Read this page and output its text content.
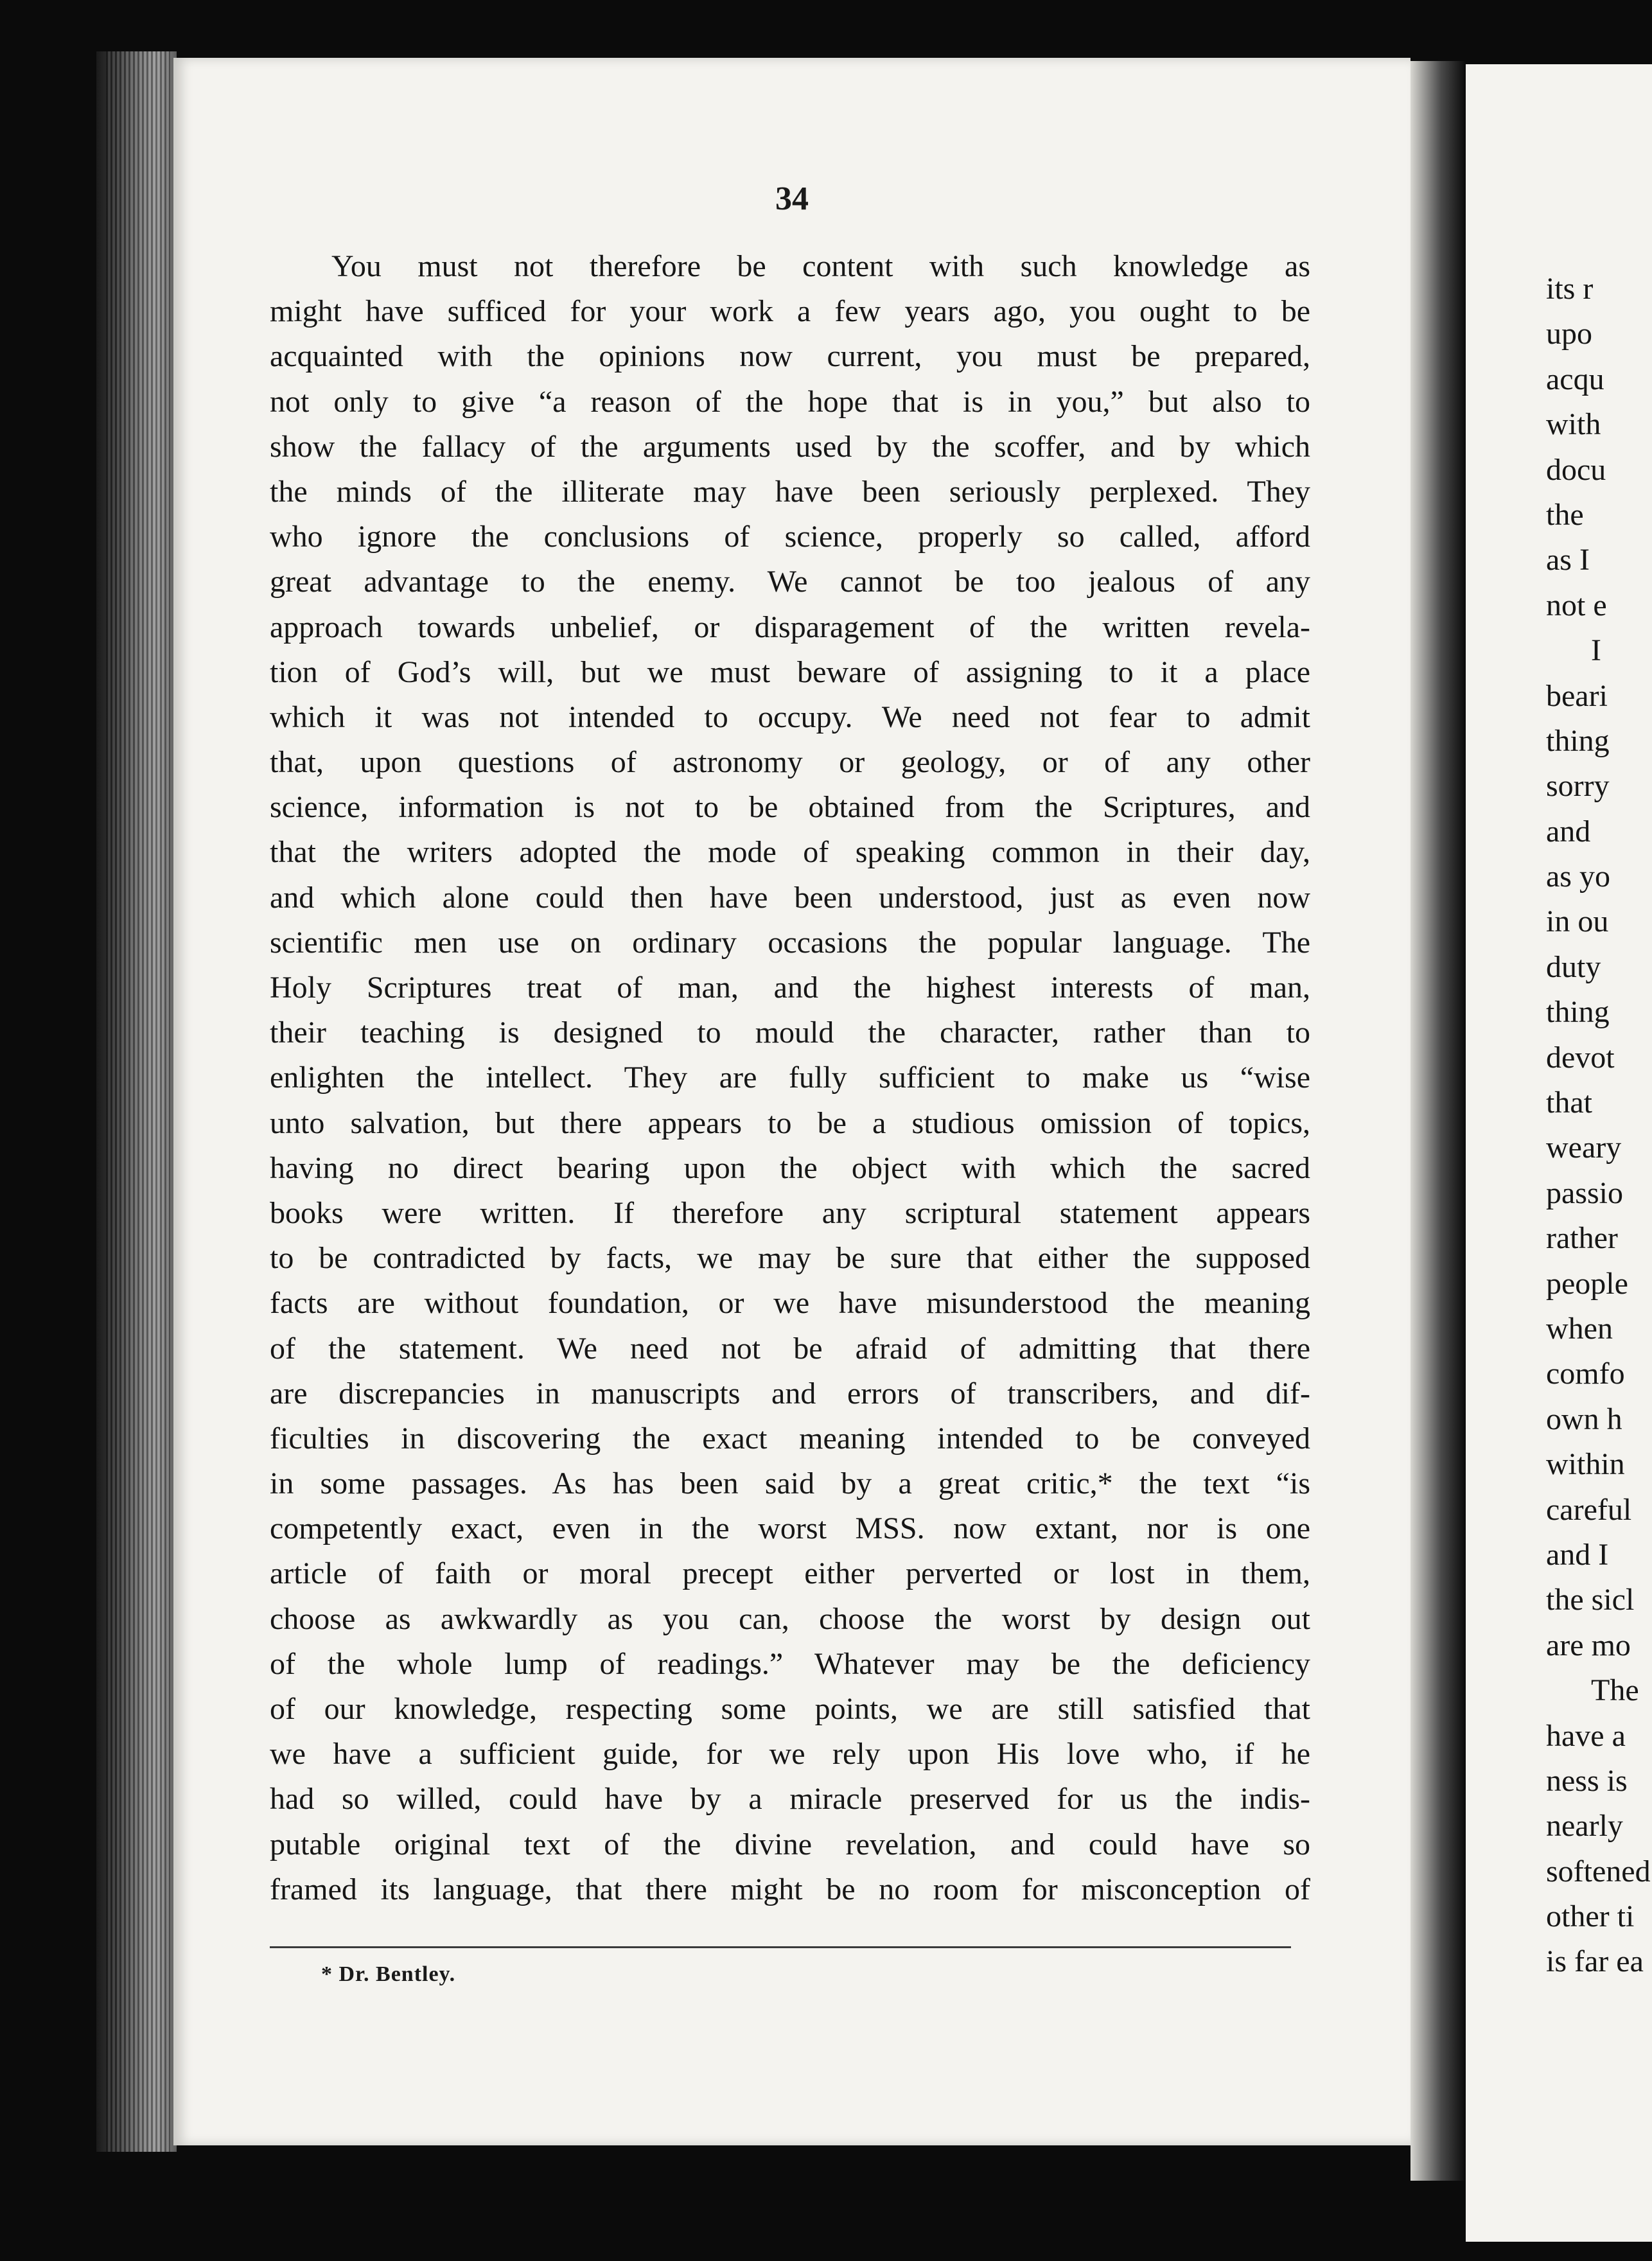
34
You must not therefore be content with such knowledge as
might have sufficed for your work a few years ago, you ought to be
acquainted with the opinions now current, you must be prepared,
not only to give “a reason of the hope that is in you,” but also to
show the fallacy of the arguments used by the scoffer, and by which
the minds of the illiterate may have been seriously perplexed. They
who ignore the conclusions of science, properly so called, afford
great advantage to the enemy. We cannot be too jealous of any
approach towards unbelief, or disparagement of the written revela-
tion of God’s will, but we must beware of assigning to it a place
which it was not intended to occupy. We need not fear to admit
that, upon questions of astronomy or geology, or of any other
science, information is not to be obtained from the Scriptures, and
that the writers adopted the mode of speaking common in their day,
and which alone could then have been understood, just as even now
scientific men use on ordinary occasions the popular language. The
Holy Scriptures treat of man, and the highest interests of man,
their teaching is designed to mould the character, rather than to
enlighten the intellect. They are fully sufficient to make us “wise
unto salvation, but there appears to be a studious omission of topics,
having no direct bearing upon the object with which the sacred
books were written. If therefore any scriptural statement appears
to be contradicted by facts, we may be sure that either the supposed
facts are without foundation, or we have misunderstood the meaning
of the statement. We need not be afraid of admitting that there
are discrepancies in manuscripts and errors of transcribers, and dif-
ficulties in discovering the exact meaning intended to be conveyed
in some passages. As has been said by a great critic,* the text “is
competently exact, even in the worst MSS. now extant, nor is one
article of faith or moral precept either perverted or lost in them,
choose as awkwardly as you can, choose the worst by design out
of the whole lump of readings.” Whatever may be the deficiency
of our knowledge, respecting some points, we are still satisfied that
we have a sufficient guide, for we rely upon His love who, if he
had so willed, could have by a miracle preserved for us the indis-
putable original text of the divine revelation, and could have so
framed its language, that there might be no room for misconception of
* Dr. Bentley.
its r
upo
acqu
with
docu
the
as I
not e
I
beari
thing
sorry
and
as yo
in ou
duty
thing
devot
that
weary
passio
rather
people
when
comfo
own h
within
careful
and I
the sicl
are mo
The
have a
ness is
nearly
softened
other ti
is far ea
